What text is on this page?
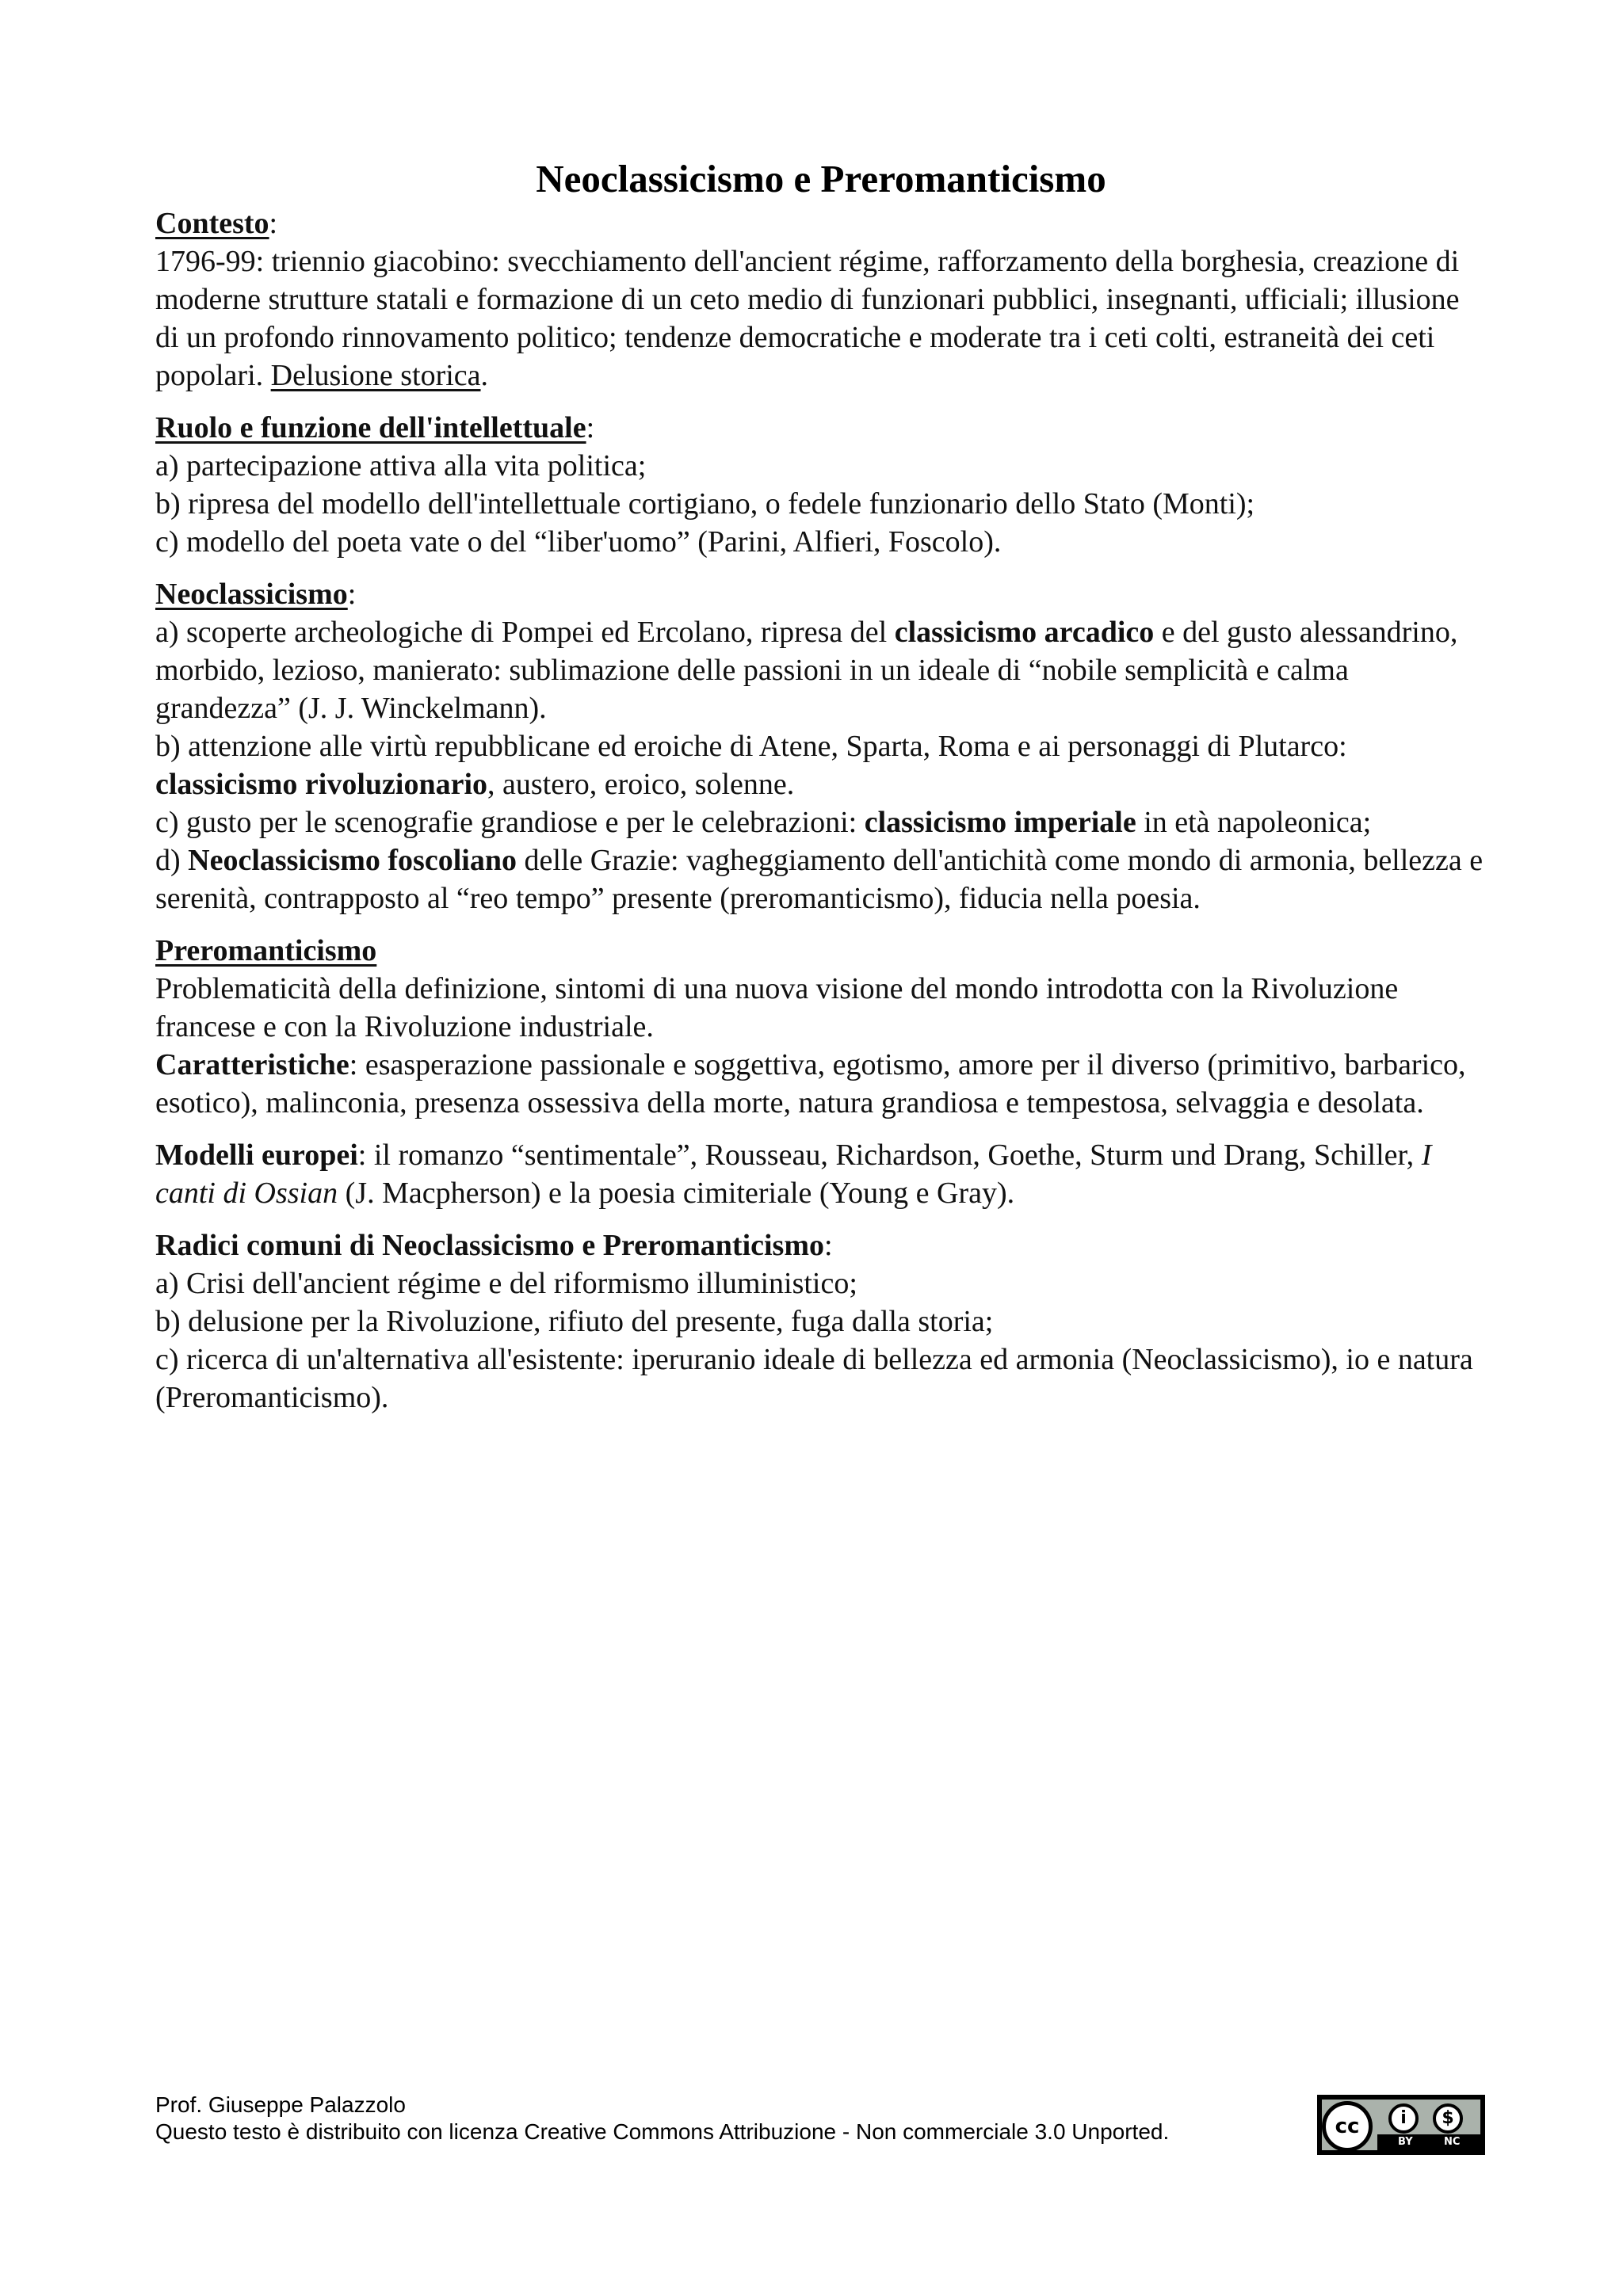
Neoclassicismo e Preromanticismo

Contesto:

1796-99: triennio giacobino: svecchiamento dell'ancient régime, rafforzamento della borghesia, creazione di moderne strutture statali e formazione di un ceto medio di funzionari pubblici, insegnanti, ufficiali; illusione di un profondo rinnovamento politico; tendenze democratiche e moderate tra i ceti colti, estraneità dei ceti popolari. Delusione storica.

Ruolo e funzione dell'intellettuale:

a) partecipazione attiva alla vita politica;

b) ripresa del modello dell'intellettuale cortigiano, o fedele funzionario dello Stato (Monti);

c) modello del poeta vate o del “liber'uomo” (Parini, Alfieri, Foscolo).

Neoclassicismo:

a) scoperte archeologiche di Pompei ed Ercolano, ripresa del classicismo arcadico e del gusto alessandrino, morbido, lezioso, manierato: sublimazione delle passioni in un ideale di “nobile semplicità e calma grandezza” (J. J. Winckelmann).

b) attenzione alle virtù repubblicane ed eroiche di Atene, Sparta, Roma e ai personaggi di Plutarco: classicismo rivoluzionario, austero, eroico, solenne.

c) gusto per le scenografie grandiose e per le celebrazioni: classicismo imperiale in età napoleonica;

d) Neoclassicismo foscoliano delle Grazie: vagheggiamento dell'antichità come mondo di armonia, bellezza e serenità, contrapposto al “reo tempo” presente (preromanticismo), fiducia nella poesia.

Preromanticismo

Problematicità della definizione, sintomi di una nuova visione del mondo introdotta con la Rivoluzione francese e con la Rivoluzione industriale.

Caratteristiche: esasperazione passionale e soggettiva, egotismo, amore per il diverso (primitivo, barbarico, esotico), malinconia, presenza ossessiva della morte, natura grandiosa e tempestosa, selvaggia e desolata.

Modelli europei: il romanzo “sentimentale”, Rousseau, Richardson, Goethe, Sturm und Drang, Schiller, I canti di Ossian (J. Macpherson) e la poesia cimiteriale (Young e Gray).

Radici comuni di Neoclassicismo e Preromanticismo:

a) Crisi dell'ancient régime e del riformismo illuministico;

b) delusione per la Rivoluzione, rifiuto del presente, fuga dalla storia;

c) ricerca di un'alternativa all'esistente: iperuranio ideale di bellezza ed armonia (Neoclassicismo), io e natura (Preromanticismo).

Prof. Giuseppe Palazzolo
Questo testo è distribuito con licenza Creative Commons Attribuzione - Non commerciale 3.0 Unported.	cc	i	$
BY	NC
